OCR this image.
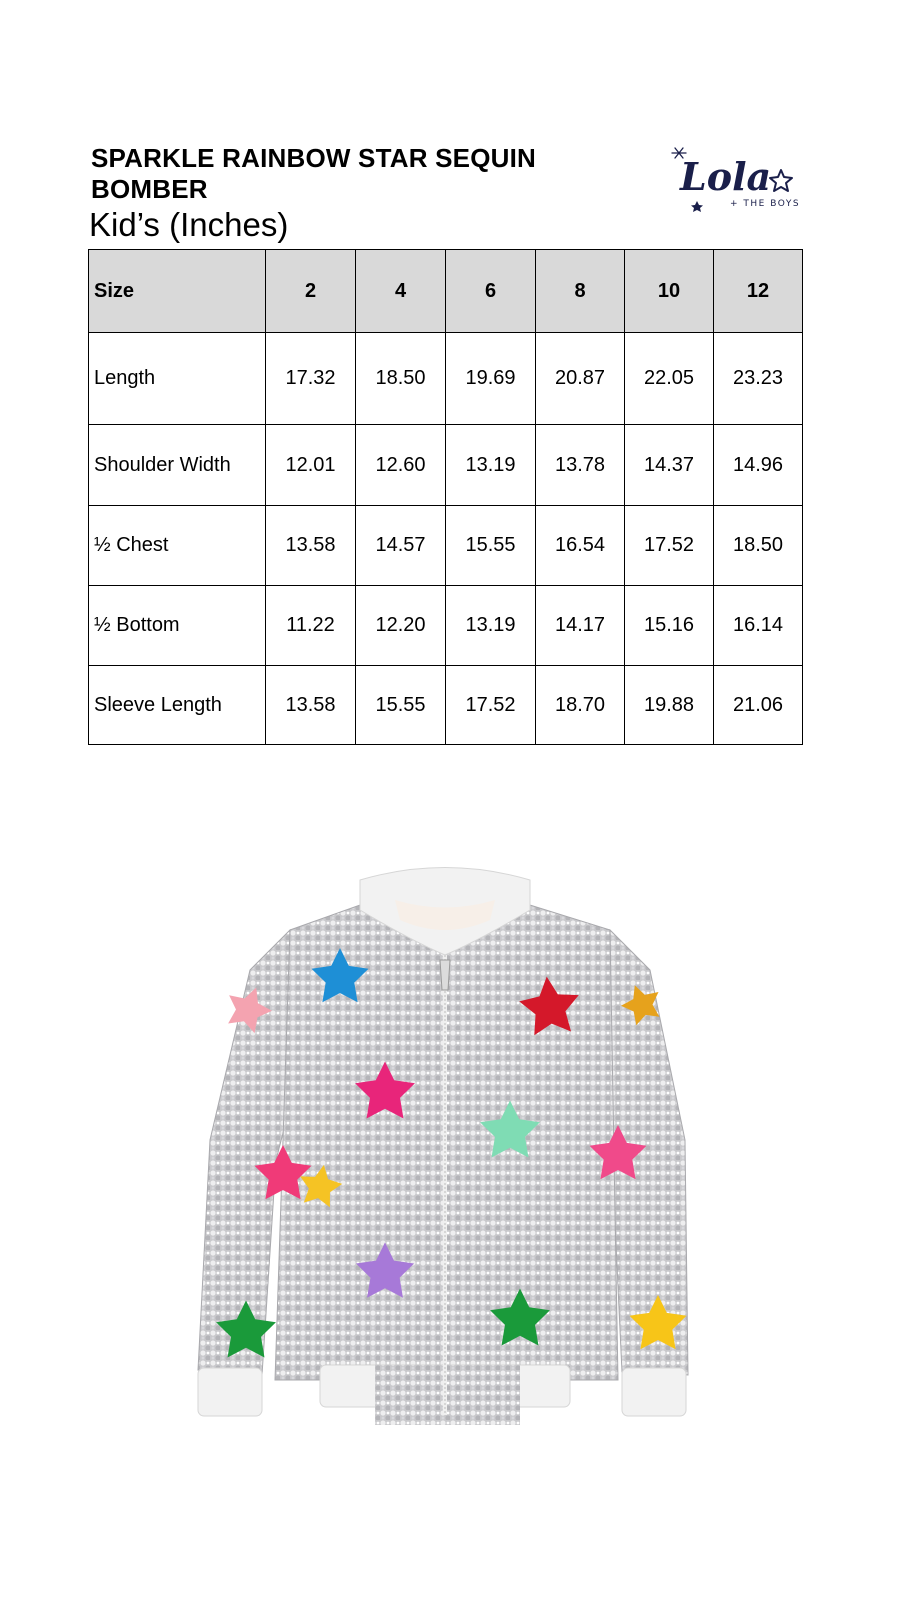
SPARKLE RAINBOW STAR SEQUIN BOMBER
Kid’s (Inches)
Lola
+ THE BOYS
Size	2	4	6	8	10	12
Length	17.32	18.50	19.69	20.87	22.05	23.23
Shoulder Width	12.01	12.60	13.19	13.78	14.37	14.96
½ Chest	13.58	14.57	15.55	16.54	17.52	18.50
½ Bottom	11.22	12.20	13.19	14.17	15.16	16.14
Sleeve Length	13.58	15.55	17.52	18.70	19.88	21.06
